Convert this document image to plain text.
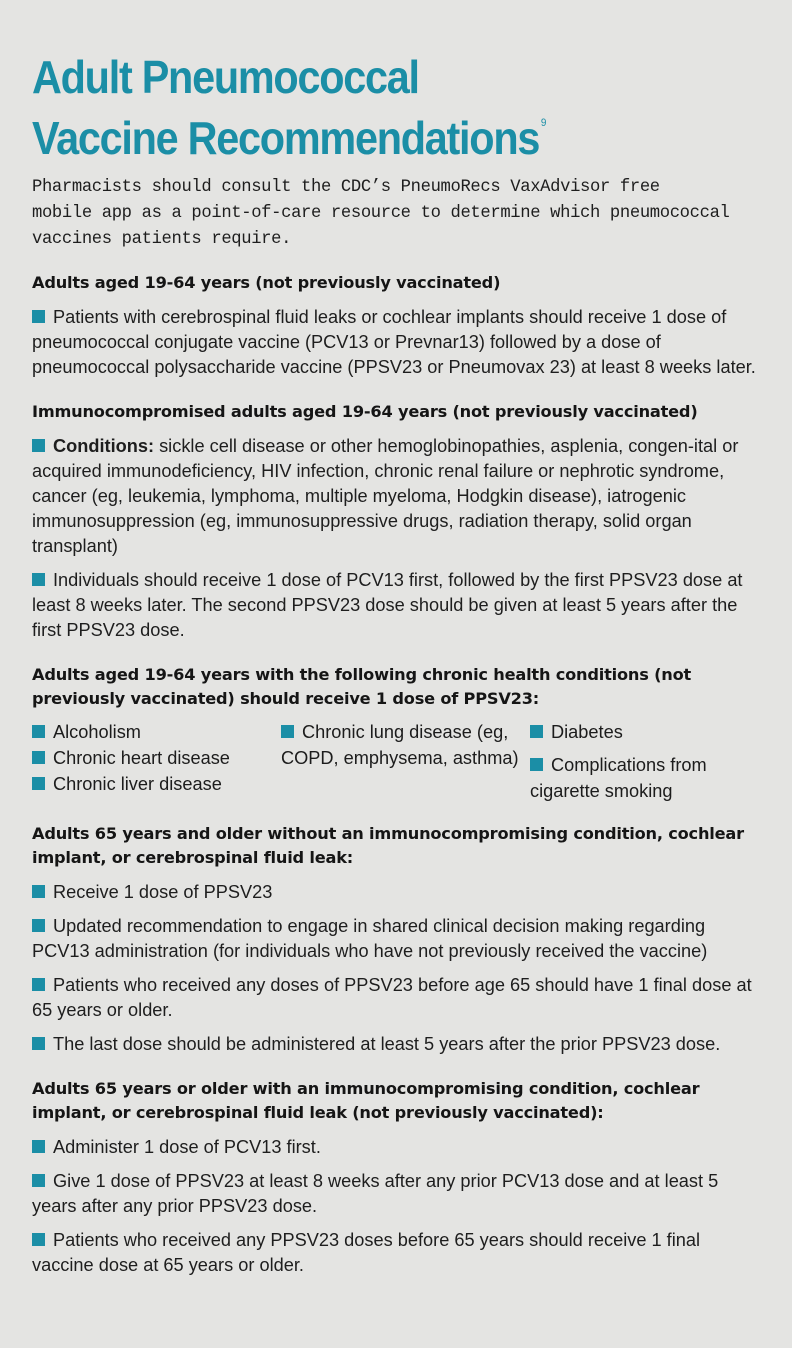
Adult Pneumococcal
Vaccine Recommendations $^9$

Pharmacists should consult the CDC’s PneumoRecs VaxAdvisor free
mobile app as a point-of-care resource to determine which pneumococcal
vaccines patients require.

Adults aged 19-64 years (not previously vaccinated)

Patients with cerebrospinal fluid leaks or cochlear implants should receive 1 dose of pneumococcal conjugate vaccine (PCV13 or Prevnar13) followed by a dose of pneumococcal polysaccharide vaccine (PPSV23 or Pneumovax 23) at least 8 weeks later.

Immunocompromised adults aged 19-64 years (not previously vaccinated)

Conditions: sickle cell disease or other hemoglobinopathies, asplenia, congen-ital or acquired immunodeficiency, HIV infection, chronic renal failure or nephrotic syndrome, cancer (eg, leukemia, lymphoma, multiple myeloma, Hodgkin disease), iatrogenic immunosuppression (eg, immunosuppressive drugs, radiation therapy, solid organ transplant)

Individuals should receive 1 dose of PCV13 first, followed by the first PPSV23 dose at least 8 weeks later. The second PPSV23 dose should be given at least 5 years after the first PPSV23 dose.

Adults aged 19-64 years with the following chronic health conditions (not previously vaccinated) should receive 1 dose of PPSV23:
Alcoholism
Chronic heart disease
Chronic liver disease
Chronic lung disease (eg, COPD, emphysema, asthma)
Diabetes
Complications from cigarette smoking
Adults 65 years and older without an immunocompromising condition, cochlear implant, or cerebrospinal fluid leak:

Receive 1 dose of PPSV23

Updated recommendation to engage in shared clinical decision making regarding PCV13 administration (for individuals who have not previously received the vaccine)

Patients who received any doses of PPSV23 before age 65 should have 1 final dose at 65 years or older.

The last dose should be administered at least 5 years after the prior PPSV23 dose.

Adults 65 years or older with an immunocompromising condition, cochlear implant, or cerebrospinal fluid leak (not previously vaccinated):

Administer 1 dose of PCV13 first.

Give 1 dose of PPSV23 at least 8 weeks after any prior PCV13 dose and at least 5 years after any prior PPSV23 dose.

Patients who received any PPSV23 doses before 65 years should receive 1 final vaccine dose at 65 years or older.
